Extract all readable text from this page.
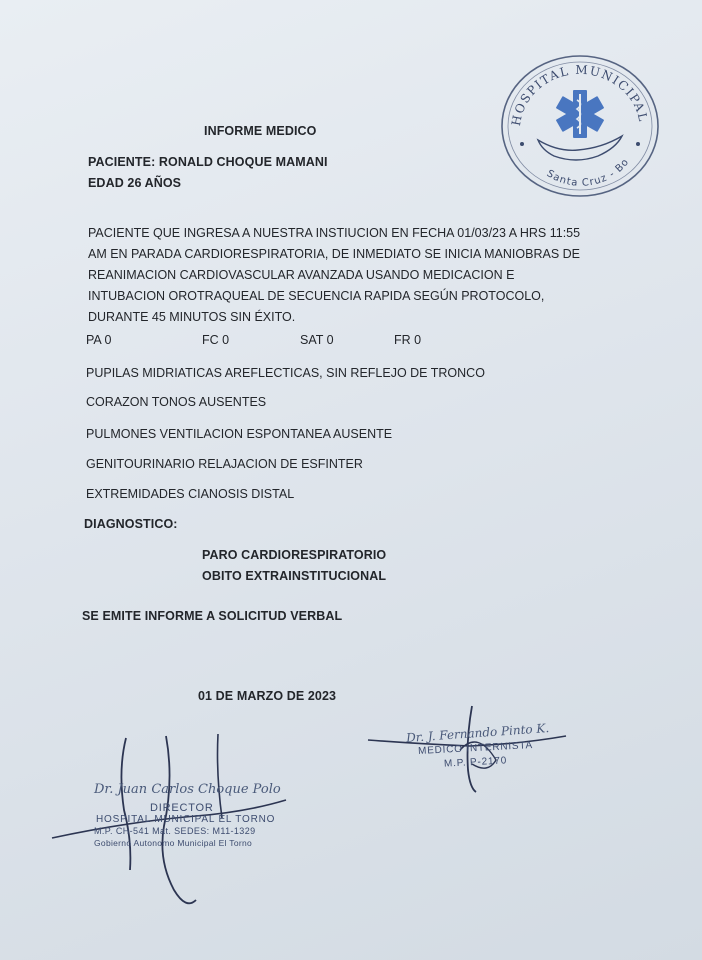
HOSPITAL MUNICIPAL
Santa Cruz - Bo
INFORME MEDICO
PACIENTE: RONALD CHOQUE MAMANI
EDAD 26 AÑOS
PACIENTE QUE INGRESA A NUESTRA INSTIUCION EN FECHA 01/03/23 A HRS 11:55
AM EN PARADA CARDIORESPIRATORIA, DE INMEDIATO SE INICIA MANIOBRAS DE
REANIMACION CARDIOVASCULAR AVANZADA USANDO MEDICACION E
INTUBACION OROTRAQUEAL DE SECUENCIA RAPIDA SEGÚN PROTOCOLO,
DURANTE 45 MINUTOS SIN ÉXITO.
PA 0	FC 0	SAT 0	FR 0
PUPILAS MIDRIATICAS AREFLECTICAS, SIN REFLEJO DE TRONCO
CORAZON TONOS AUSENTES
PULMONES VENTILACION ESPONTANEA AUSENTE
GENITOURINARIO RELAJACION DE ESFINTER
EXTREMIDADES CIANOSIS DISTAL
DIAGNOSTICO:
PARO CARDIORESPIRATORIO
OBITO EXTRAINSTITUCIONAL
SE EMITE INFORME A SOLICITUD VERBAL
01 DE MARZO DE 2023
Dr. J. Fernando Pinto K.
MEDICO INTERNISTA
M.P. P-2170
Dr. Juan Carlos Choque Polo
DIRECTOR
HOSPITAL MUNICIPAL EL TORNO
M.P. CH-541 Mat. SEDES: M11-1329
Gobierno Autonomo Municipal El Torno
